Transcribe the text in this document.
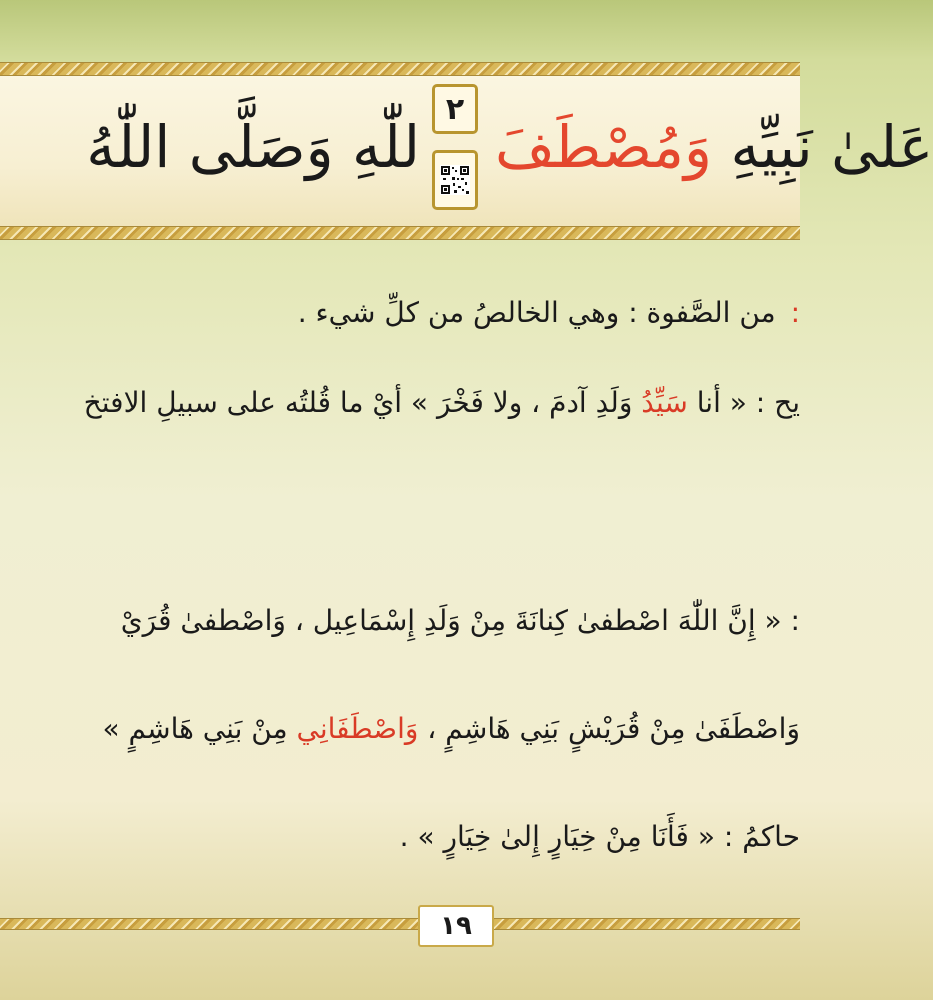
للّٰهِ وَصَلَّى اللّٰهُ	عَلىٰ نَبِيِّهِ وَمُصْطَفَ
٢

: من الصَّفوة : وهي الخالصُ من كلِّ شيء .
يح : « أنا سَيِّدُ وَلَدِ آدمَ ، ولا فَخْرَ » أيْ ما قُلتُه على سبيلِ الافتخ
: « إِنَّ اللّٰهَ اصْطفىٰ كِنانَةَ مِنْ وَلَدِ إِسْمَاعِيل ، وَاصْطفىٰ قُرَيْ
وَاصْطَفَىٰ مِنْ قُرَيْشٍ بَنِي هَاشِمٍ ، وَاصْطَفَانِي مِنْ بَنِي هَاشِمٍ »
حاكمُ : « فَأَنَا مِنْ خِيَارٍ إِلىٰ خِيَارٍ » .
١٩
